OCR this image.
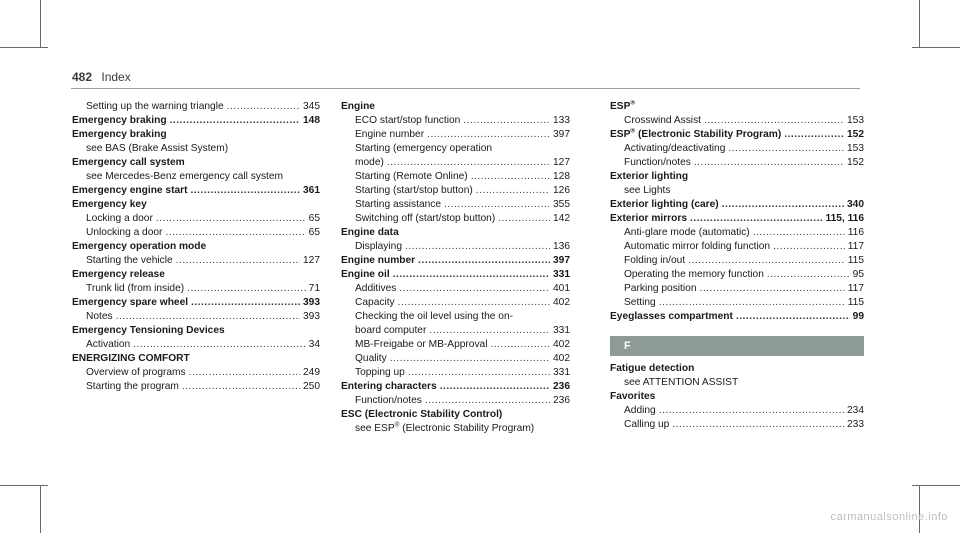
482 Index
Setting up the warning triangle .....	345
Emergency braking .....	148
Emergency braking
see BAS (Brake Assist System)
Emergency call system
see Mercedes-Benz emergency call system
Emergency engine start .....	361
Emergency key
Locking a door .....	65
Unlocking a door .....	65
Emergency operation mode
Starting the vehicle .....	127
Emergency release
Trunk lid (from inside) .....	71
Emergency spare wheel .....	393
Notes .....	393
Emergency Tensioning Devices
Activation .....	34
ENERGIZING COMFORT
Overview of programs .....	249
Starting the program .....	250
Engine
ECO start/stop function .....	133
Engine number .....	397
Starting (emergency operation
mode) .....	127
Starting (Remote Online) .....	128
Starting (start/stop button) .....	126
Starting assistance .....	355
Switching off (start/stop button) .....	142
Engine data
Displaying .....	136
Engine number .....	397
Engine oil .....	331
Additives .....	401
Capacity .....	402
Checking the oil level using the on-
board computer .....	331
MB-Freigabe or MB-Approval .....	402
Quality .....	402
Topping up .....	331
Entering characters .....	236
Function/notes .....	236
ESC (Electronic Stability Control)
see ESP® (Electronic Stability Program)
ESP®
Crosswind Assist .....	153
ESP® (Electronic Stability Program) .....	152
Activating/deactivating .....	153
Function/notes .....	152
Exterior lighting
see Lights
Exterior lighting (care) .....	340
Exterior mirrors .....	115, 116
Anti-glare mode (automatic) .....	116
Automatic mirror folding function .....	117
Folding in/out .....	115
Operating the memory function .....	95
Parking position .....	117
Setting .....	115
Eyeglasses compartment .....	99
F
Fatigue detection
see ATTENTION ASSIST
Favorites
Adding .....	234
Calling up .....	233
carmanualsonline.info
